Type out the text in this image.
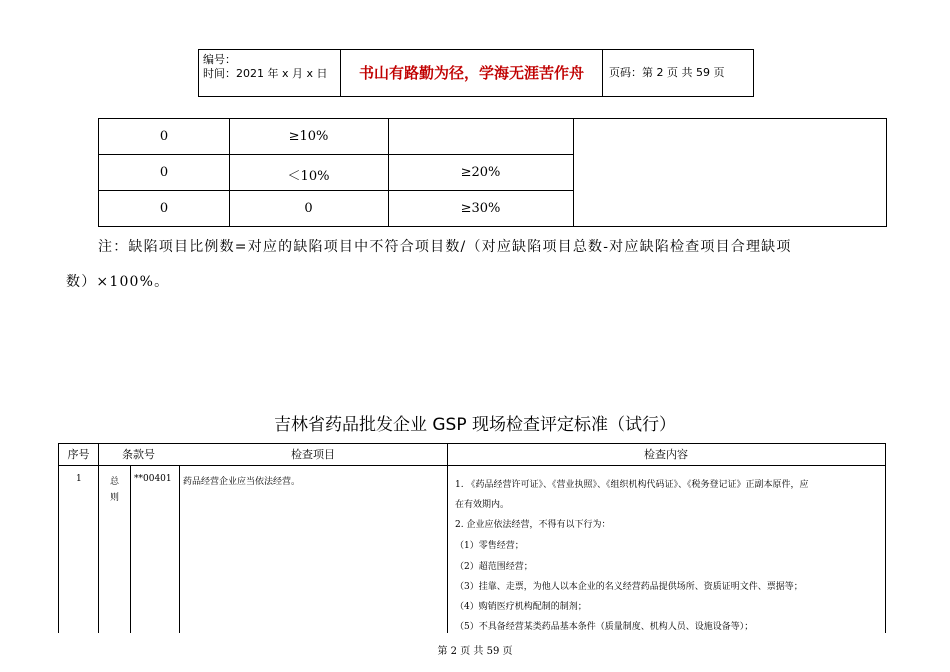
编号：
时间：2021 年 x 月 x 日	书山有路勤为径，学海无涯苦作舟	页码：第 2 页 共 59 页
0	≥10%
0	＜10%	≥20%
0	0	≥30%
注：缺陷项目比例数=对应的缺陷项目中不符合项目数/（对应缺陷项目总数-对应缺陷检查项目合理缺项
数）×100%。
吉林省药品批发企业 GSP 现场检查评定标准（试行）
序号	条款号	检查项目	检查内容
1	总
则
**00401 药品经营企业应当依法经营。	1. 《药品经营许可证》、《营业执照》、《组织机构代码证》、《税务登记证》正副本原件，应
在有效期内。
2. 企业应依法经营，不得有以下行为：
（1）零售经营；
（2）超范围经营；
（3）挂靠、走票，为他人以本企业的名义经营药品提供场所、资质证明文件、票据等；
（4）购销医疗机构配制的制剂；
（5）不具备经营某类药品基本条件（质量制度、机构人员、设施设备等）；
第 2 页 共 59 页
